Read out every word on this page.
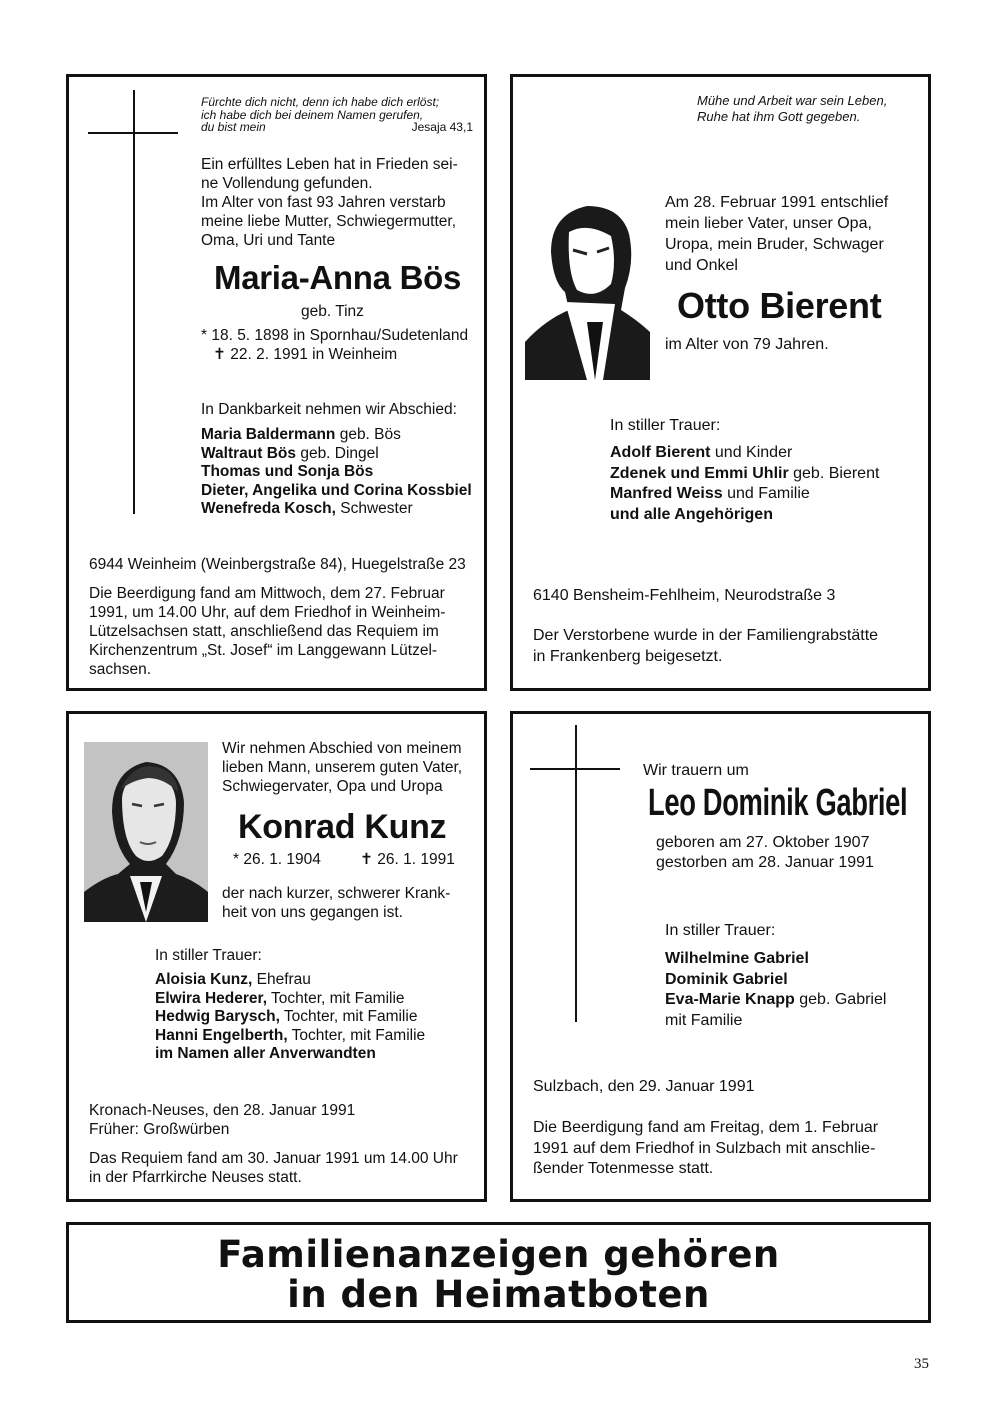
Fürchte dich nicht, denn ich habe dich erlöst;
ich habe dich bei deinem Namen gerufen,
du bist mein	Jesaja 43,1
Ein erfülltes Leben hat in Frieden sei-
ne Vollendung gefunden.
Im Alter von fast 93 Jahren verstarb
meine liebe Mutter, Schwiegermutter,
Oma, Uri und Tante
Maria-Anna Bös
geb. Tinz
* 18. 5. 1898 in Spornhau/Sudetenland
✝ 22. 2. 1991 in Weinheim
In Dankbarkeit nehmen wir Abschied:
Maria Baldermann geb. Bös
Waltraut Bös geb. Dingel
Thomas und Sonja Bös
Dieter, Angelika und Corina Kossbiel
Wenefreda Kosch, Schwester
6944 Weinheim (Weinbergstraße 84), Huegelstraße 23
Die Beerdigung fand am Mittwoch, dem 27. Februar
1991, um 14.00 Uhr, auf dem Friedhof in Weinheim-
Lützelsachsen statt, anschließend das Requiem im
Kirchenzentrum „St. Josef“ im Langgewann Lützel-
sachsen.
Mühe und Arbeit war sein Leben,
Ruhe hat ihm Gott gegeben.
Am 28. Februar 1991 entschlief
mein lieber Vater, unser Opa,
Uropa, mein Bruder, Schwager
und Onkel
Otto Bierent
im Alter von 79 Jahren.
In stiller Trauer:
Adolf Bierent und Kinder
Zdenek und Emmi Uhlir geb. Bierent
Manfred Weiss und Familie
und alle Angehörigen
6140 Bensheim-Fehlheim, Neurodstraße 3
Der Verstorbene wurde in der Familiengrabstätte
in Frankenberg beigesetzt.
Wir nehmen Abschied von meinem
lieben Mann, unserem guten Vater,
Schwiegervater, Opa und Uropa
Konrad Kunz
* 26. 1. 1904	✝ 26. 1. 1991
der nach kurzer, schwerer Krank-
heit von uns gegangen ist.
In stiller Trauer:
Aloisia Kunz, Ehefrau
Elwira Hederer, Tochter, mit Familie
Hedwig Barysch, Tochter, mit Familie
Hanni Engelberth, Tochter, mit Familie
im Namen aller Anverwandten
Kronach-Neuses, den 28. Januar 1991
Früher: Großwürben
Das Requiem fand am 30. Januar 1991 um 14.00 Uhr
in der Pfarrkirche Neuses statt.
Wir trauern um
Leo Dominik Gabriel
geboren am 27. Oktober 1907
gestorben am 28. Januar 1991
In stiller Trauer:
Wilhelmine Gabriel
Dominik Gabriel
Eva-Marie Knapp geb. Gabriel
mit Familie
Sulzbach, den 29. Januar 1991
Die Beerdigung fand am Freitag, dem 1. Februar
1991 auf dem Friedhof in Sulzbach mit anschlie-
ßender Totenmesse statt.
Familienanzeigen gehören
in den Heimatboten
35
